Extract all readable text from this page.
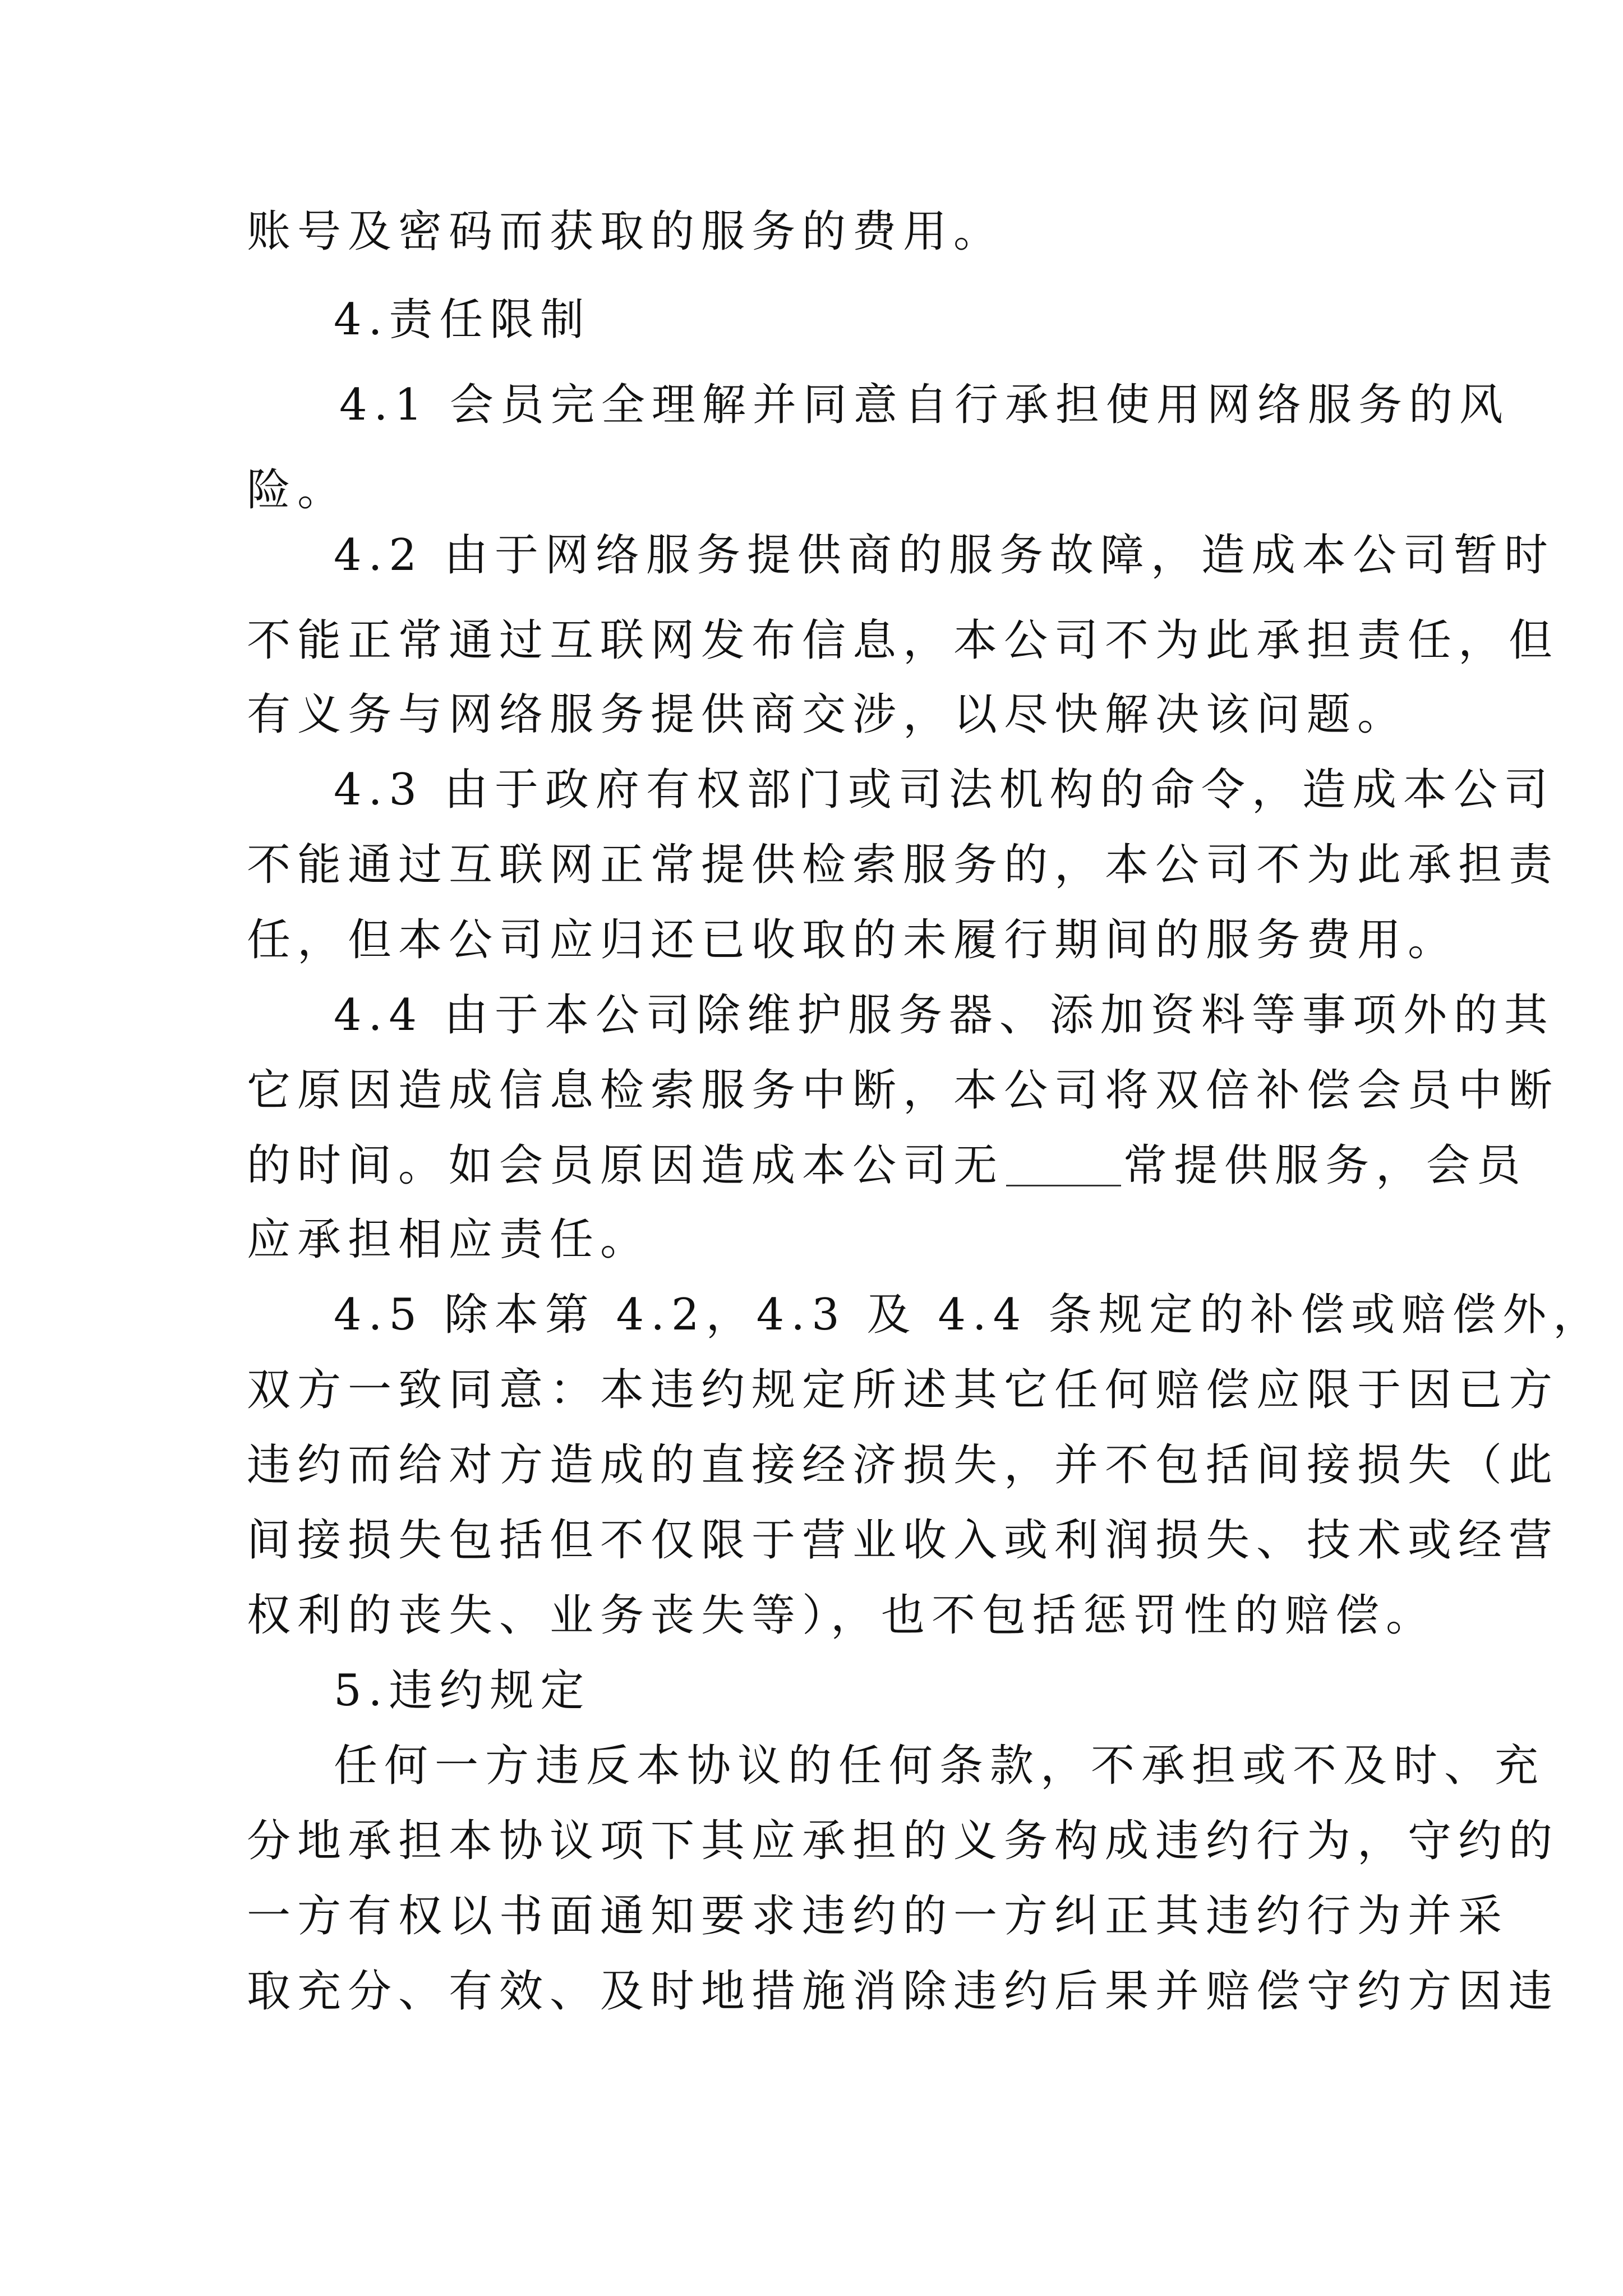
账号及密码而获取的服务的费用。
4.责任限制
4.1 会员完全理解并同意自行承担使用网络服务的风
险。
4.2 由于网络服务提供商的服务故障，造成本公司暂时
不能正常通过互联网发布信息，本公司不为此承担责任，但
有义务与网络服务提供商交涉，以尽快解决该问题。
4.3 由于政府有权部门或司法机构的命令，造成本公司
不能通过互联网正常提供检索服务的，本公司不为此承担责
任，但本公司应归还已收取的未履行期间的服务费用。
4.4 由于本公司除维护服务器、添加资料等事项外的其
它原因造成信息检索服务中断，本公司将双倍补偿会员中断
的时间。如会员原因造成本公司无	常提供服务，会员
应承担相应责任。
4.5 除本第 4.2，4.3 及 4.4 条规定的补偿或赔偿外，
双方一致同意：本违约规定所述其它任何赔偿应限于因已方
违约而给对方造成的直接经济损失，并不包括间接损失（此
间接损失包括但不仅限于营业收入或利润损失、技术或经营
权利的丧失、业务丧失等），也不包括惩罚性的赔偿。
5.违约规定
任何一方违反本协议的任何条款，不承担或不及时、充
分地承担本协议项下其应承担的义务构成违约行为，守约的
一方有权以书面通知要求违约的一方纠正其违约行为并采
取充分、有效、及时地措施消除违约后果并赔偿守约方因违
